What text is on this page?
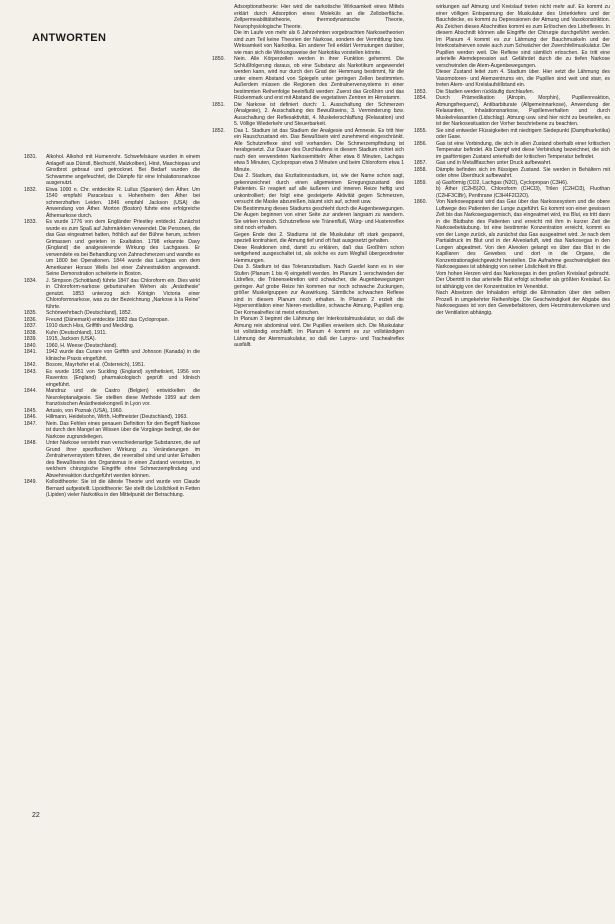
ANTWORTEN
1831.	Alkohol. Alkohol mit Humenrohr. Schwefelsäure wurden in einem Anlagefl aus Dünstl, Blechschl, Malzkolben), Hirst, Maschiopas und Ginstbrot gebraut und getrocknet. Bei Bedarf wurden die Schwamme angefeuchtet, die Dämpfe für eine Inhalationsnarkose ausgenutzt.
1832.	Etwa 1000 n. Chr. entdeckte R. Lullus (Spanien) den Äther. Um 1540 empfahl Paracelsus v. Hohenheim den Äther bei schmerzhaften Leiden. 1846 empfahl Jackson (USA) die Anwendung von Äther. Morton (Boston) führte eine erfolgreiche Äthernarkose durch.
1833.	Es wurde 1776 von dem Engländer Priestley entdeckt. Zunächst wurde es zum Spaß auf Jahrmärkten verwendet. Die Personen, die das Gas eingeatmet hatten, fröhlich auf der Bühne herum, schrien Grimassen und gerieten in Exaltation. 1798 erkannte Davy (England) die analgesierende Wirkung des Lachgases. Er verwendete es bei Behandlung von Zahnschmerzen und wandte es um 1800 bei Operationen. 1844 wurde das Lachgas von dem Amerikaner Horace Wells bei einer Zahnextraktion angewandt. Seine Demonstration scheiterte in Boston.
1834.	J. Simpson (Schottland) führte 1847 das Chloroform ein. Dies wirkt in Chloroform-narkose geburtsnahen Wehen als „Anästhesie“ genutzt. 1853 unterzog sich Königin Victoria einer Chloroformnarkose, was zu der Bezeichnung „Narkose à la Reine“ führte.
1835.	Schönwehrbach (Deutschland), 1852.
1836.	Freund (Dänemark) entdeckte 1882 das Cyclopropan.
1837.	1910 durch Hiss, Griffith und Meckling.
1838.	Kuhn (Deutschland), 1911.
1839.	1915, Jackson (USA).
1840.	1960, H. Weese (Deutschland).
1841.	1942 wurde das Curare von Griffith und Johnson (Kanada) in die klinische Praxis eingeführt.
1842.	Bosore, Mayrhofer et al. (Österreich), 1951.
1843.	Es wurde 1951 von Suckling (England) synthetisiert, 1956 von Raventos (England) pharmakologisch geprüft und klinisch eingeführt.
1844.	Mandruz und de Castro (Belgien) entwickelten die Neuroleptanalgesie. Sie stellten diese Methode 1959 auf dem französischen Anästhesiekongreß in Lyon vor.
1845.	Artusio, von Poznak (USA), 1960.
1846.	Hillmann, Heidelsohn, Wirth, Hoffmeister (Deutschland), 1963.
1847.	Nein. Das Fehlen eines genauen Definition für den Begriff Narkose ist durch den Mangel an Wissen über die Vorgänge bedingt, die der Narkose zugrundeliegen.
1848.	Unter Narkose versteht man verschiedenartige Substanzen, die auf Grund ihrer spezifischen Wirkung zu Veränderungen im Zentralnervensystem führen, die reversibel sind und unter Erhalten des Bewußtseins des Organismus in einen Zustand versetzen, in welchem chirurgische Eingriffe ohne Schmerzempfindung und Abwehrreaktion durchgeführt werden können.
1849.	Kolloidtheorie: Sie ist die älteste Theorie und wurde von Claude Bernard aufgestellt. Lipoidtheorie: Sie stellt die Löslichkeit in Fetten (Lipiden) vieler Narkotika in den Mittelpunkt der Betrachtung.
Adsorptionstheorie: Hier wird die narkotische Wirksamkeit eines Mittels erklärt durch Adsorption eines Moleküls an die Zelloberfläche. Zellpermeabilitätstheorie, thermodynamische Theorie, Neurophysiologische Theorie.
Die im Laufe von mehr als 6 Jahrzehnten vorgebrachten Narkosetheorien sind zum Teil keine Theorien der Narkose, sondern der Vermittlung bzw. Wirksamkeit von Narkotika. Ein anderer Teil erklärt Vermutungen darüber, wie man sich die Wirkungsweise der Narkotika vorstellen könnte.
1850.	Nein. Alle Körperzellen werden in ihrer Funktion gehemmt. Die Schlußfolgerung daraus, ob eine Substanz als Narkotikum angewendet werden kann, wird nur durch den Grad der Hemmung bestimmt, für die unter einem Abstand von Spiegeln unter geringen Zellen bestimmten. Außerdem müssen die Regionen des Zentralnervensystems in einer bestimmten Reihenfolge beeinflußt werden: Zuerst das Großhirn und das Rückenmark und erst mit Abstand die vegetativen Zentren im Hirnstamm.
1851.	Die Narkose ist definiert durch: 1. Ausschaltung der Schmerzen (Analgesie), 2. Ausschaltung des Bewußtseins, 3. Verminderung bzw. Ausschaltung der Reflexaktivität, 4. Muskelerschlaffung (Relaxation) und 5. Völlige Wiederkehr und Steuerbarkeit.
1852.	Das 1. Stadium ist das Stadium der Analgesie und Amnesie. Es tritt hier ein Rauschzustand ein. Das Bewußtsein wird zunehmend eingeschränkt. Alle Schutzreflexe sind voll vorhanden. Die Schmerzempfindung ist herabgesetzt. Zur Dauer des Durchlaufens in diesem Stadium richtet sich nach den verwendeten Narkosemitteln: Äther etwa 8 Minuten, Lachgas etwa 5 Minuten, Cyclopropan etwa 3 Minuten und beim Chloroform etwa 1 Minute.
Das 2. Stadium, das Exzitationsstadium, ist, wie der Name schon sagt, gekennzeichnet durch einen allgemeinen Erregungszustand des Patienten. Er reagiert auf alle äußeren und inneren Reize heftig und unkontrolliert; der folgt eine gesteigerte Aktivität gegen Schmerzen, versucht die Maske abzureißen, bäumt sich auf, schreit usw.
Die Bestimmung dieses Stadiums geschieht durch die Augenbewegungen. Die Augen beginnen von einer Seite zur anderen langsam zu wandern. Sie wirken tonisch. Schutzreflexe wie Tränenfluß, Würg- und Hustenreflex sind noch erhalten.
Gegen Ende des 2. Stadiums ist die Muskulatur oft stark gespannt, speziell kontrahiert, die Atmung tief und oft fast ausgesetzt gehalten.
Diese Reaktionen sind, damit zu erklären, daß das Großhirn schon weitgehend ausgeschaltet ist, als solche es zum Wegfall übergeordneter Hemmungen.
Das 3. Stadium ist das Toleranzstadium. Nach Guedel kann es in vier Stufen (Planum 1 bis 4) eingeteilt werden. Im Planum 1 verschwinden der Lidreflex, die Tränensekretion wird schwächer, die Augenbewegungen geringer. Auf grobe Reize hin kommen nur noch schwache Zuckungen, größer Muskelgruppen zur Auswirkung. Sämtliche schwachen Reflexe sind in diesem Planum noch erhalten. In Planum 2 erzielt die Hyperventilation einer Nieren-medulläre, schwache Atmung, Pupillen eng. Der Kornealreflex ist meist erloschen.
In Planum 3 beginnt die Lähmung der Interkostalmuskulatur, so daß die Atmung rein abdominal wird. Die Pupillen erweitern sich. Die Muskulatur ist vollständig erschlafft. Im Planum 4 kommt es zur vollständigen Lähmung der Atemmuskulatur, so daß der Larynx- und Trachealreflex ausfällt.
wirkungen auf Atmung und Kreislauf treten nicht mehr auf. Es kommt zu einer völligen Entspannung der Muskulatur des Unterkiefers und der Bauchdecke, es kommt zu Depressionen der Atmung und Vasokonstriktion. Als Zeichen dieses Abschnittes kommt es zum Erlöschen des Lidreflexes. In diesem Abschnitt können alle Eingriffe der Chirurgie durchgeführt werden. Im Planum 4 kommt es zur Lähmung der Bauchmuskeln und der Interkostalnerven sowie auch zum Schwächer der Zwerchfellmuskulatur. Die Pupillen werden weit. Die Reflexe sind sämtlich erloschen. Es tritt eine arterielle Atemdepression auf. Gefährdet durch die zu tiefen Narkose verschwinden die Atem-Augenbewegungen.
Dieser Zustand leitet zum 4. Stadium über. Hier setzt die Lähmung des Vasomotoren- und Atemzentrums ein, die Pupillen sind weit und starr, es treten Atem- und Kreislaufstillstand ein.
1853.	Die Stadien werden rückläufig durchlaufen.
1854.	Durch Prämedikation (Atropin, Morphin), Pupillenreaktion, Atmungsfrequenz), Antibarbiturate (Allgemeinnarkose), Anwendung der Relaxantien, Inhalationsnarkose, Pupillenverhalten und durch Muskelrelaxantien (Lidschlag). Atmung usw. sind hier nicht zu beurteilen, es ist der Narkosesituation der Vorher beschriebene zu beachten.
1855.	Sie sind entweder Flüssigkeiten mit niedrigem Siedepunkt (Dampfnarkotika) oder Gase.
1856.	Gas ist eine Vorbindung, die sich in allen Zustand oberhalb einer kritischen Temperatur befindet. Als Dampf wird diese Verbindung bezeichnet, die sich im gasförmigen Zustand unterhalb der kritischen Temperatur befindet.
1857.	Gas und in Metallflaschen unter Druck aufbewahrt.
1858.	Dämpfe befinden sich im flüssigen Zustand. Sie werden in Behältern mit oder ohne Überdruck aufbewahrt.
1859.	a) Gasförmig (CO2, Lachgas (N2O), Cyclopropan (C3H6).
b) Äther (C2H5)2O, Chloroform (CHCl3), Trilen (C2HCl3), Fluothan (C2HF3ClBr), Penthrane (C3H4F2Cl2O).
1860.	Von Narkoseapparat wird das Gas über das Narkosesystem und die obere Luftwege des Patienten der Lunge zugeführt. Es kommt von einer gewissen Zeit bis das Narkosegasgemisch, das eingeatmet wird, ins Blut, es tritt dann in die Blutbahn des Patienten und erreicht mit ihm in kurzer Zeit die Narkosebetäubung. Ist eine bestimmte Konzentration erreicht, kommt es von der Lunge zurück, als zunächst das Gas ausgeatmet wird. Je nach dem Partialdruck im Blut und in der Alveolarluft, wird das Narkosegas in den Lungen abgeatmet. Von den Alveolen gelangt es über das Blut in die Kapillaren des Gewebes und dort in die Organe, die Konzentrationsgleichgewicht herstellen. Die Aufnahme geschwindigkeit des Narkosegases ist abhängig von seiner Löslichkeit im Blut.
Vom hohen Herzen wird das Narkosegas in den großen Kreislauf gebracht. Der Übertritt in das arterielle Blut erfolgt schneller als größten Kreislauf. Es ist abhängig von der Konzentration im Venenblut.
Nach Absetzen der Inhalation erfolgt die Elimination über den selben Prozeß in umgekehrter Reihenfolge. Die Geschwindigkeit der Abgabe des Narkosegases ist von den Gewebefaktoren, dem Herzminutenvolumen und der Ventilation abhängig.
22
